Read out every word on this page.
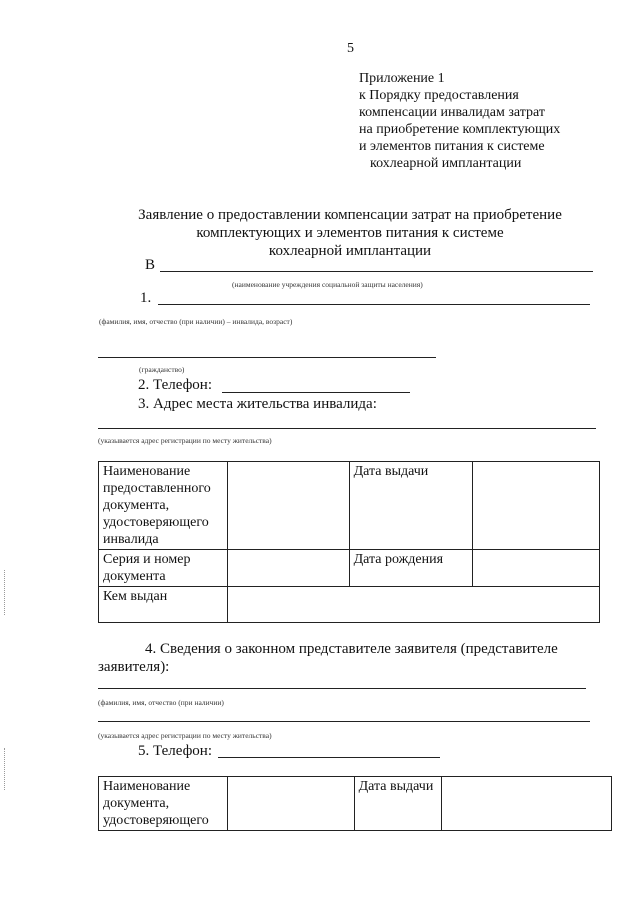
5
Приложение 1
к Порядку предоставления
компенсации инвалидам затрат
на приобретение комплектующих
и элементов питания к системе
кохлеарной имплантации
Заявление о предоставлении компенсации затрат на приобретение
комплектующих и элементов питания к системе
кохлеарной имплантации
В
(наименование учреждения социальной защиты населения)
1.
(фамилия, имя, отчество (при наличии) – инвалида, возраст)
(гражданство)
2. Телефон:
3. Адрес места жительства инвалида:
(указывается адрес регистрации по месту жительства)
Наименование предоставленного документа, удостоверяющего инвалида		Дата выдачи	
Серия и номер документа		Дата рождения	
Кем выдан			
4. Сведения о законном представителе заявителя (представителе
заявителя):
(фамилия, имя, отчество (при наличии)
(указывается адрес регистрации по месту жительства)
5. Телефон:
Наименование документа, удостоверяющего		Дата выдачи	
